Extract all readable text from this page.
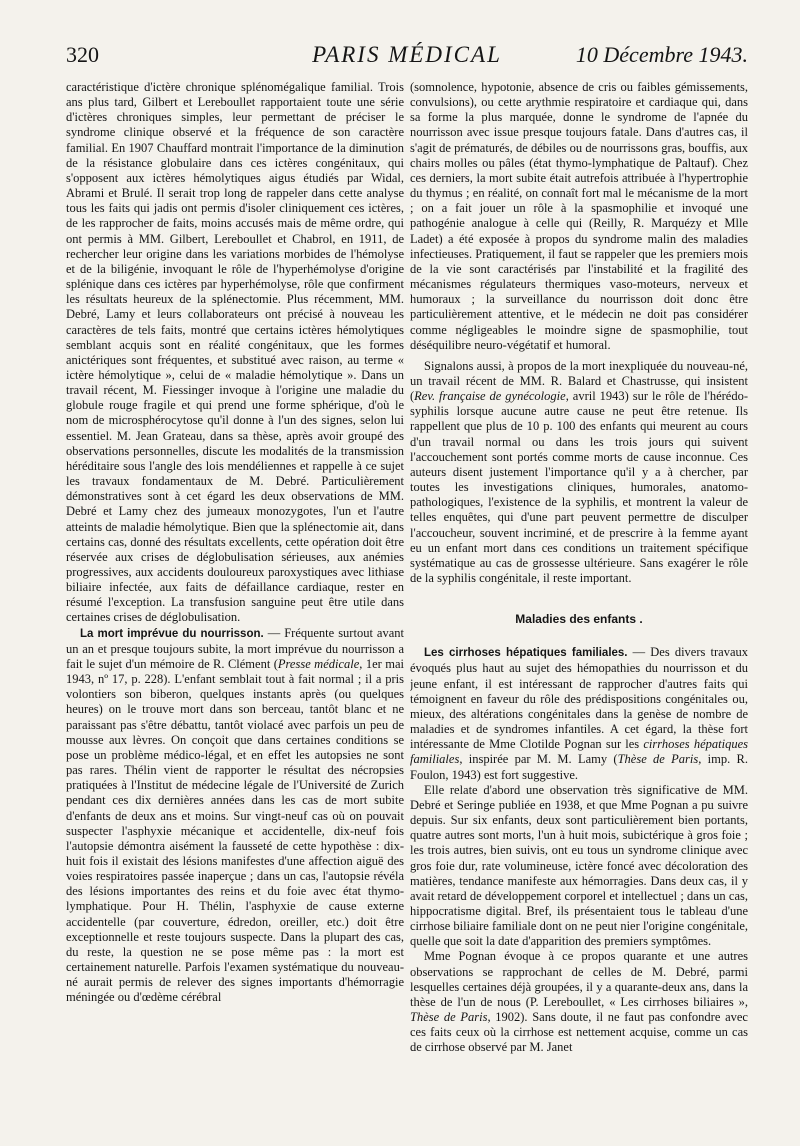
320	PARIS MÉDICAL	10 Décembre 1943.

caractéristique d'ictère chronique splénomégalique familial. Trois ans plus tard, Gilbert et Lereboullet rapportaient toute une série d'ictères chroniques simples, leur permettant de préciser le syndrome clinique observé et la fréquence de son caractère familial. En 1907 Chauffard montrait l'importance de la diminution de la résistance globulaire dans ces ictères congénitaux, qui s'opposent aux ictères hémolytiques aigus étudiés par Widal, Abrami et Brulé. Il serait trop long de rappeler dans cette analyse tous les faits qui jadis ont permis d'isoler cliniquement ces ictères, de les rapprocher de faits, moins accusés mais de même ordre, qui ont permis à MM. Gilbert, Lereboullet et Chabrol, en 1911, de rechercher leur origine dans les variations morbides de l'hémolyse et de la biligénie, invoquant le rôle de l'hyperhémolyse d'origine splénique dans ces ictères par hyperhémolyse, rôle que confirment les résultats heureux de la splénectomie. Plus récemment, MM. Debré, Lamy et leurs collaborateurs ont précisé à nouveau les caractères de tels faits, montré que certains ictères hémolytiques semblant acquis sont en réalité congénitaux, que les formes anictériques sont fréquentes, et substitué avec raison, au terme « ictère hémolytique », celui de « maladie hémolytique ». Dans un travail récent, M. Fiessinger invoque à l'origine une maladie du globule rouge fragile et qui prend une forme sphérique, d'où le nom de microsphérocytose qu'il donne à l'un des signes, selon lui essentiel. M. Jean Grateau, dans sa thèse, après avoir groupé des observations personnelles, discute les modalités de la transmission héréditaire sous l'angle des lois mendéliennes et rappelle à ce sujet les travaux fondamentaux de M. Debré. Particulièrement démonstratives sont à cet égard les deux observations de MM. Debré et Lamy chez des jumeaux monozygotes, l'un et l'autre atteints de maladie hémolytique. Bien que la splénectomie ait, dans certains cas, donné des résultats excellents, cette opération doit être réservée aux crises de déglobulisation sérieuses, aux anémies progressives, aux accidents douloureux paroxystiques avec lithiase biliaire infectée, aux faits de défaillance cardiaque, rester en résumé l'exception. La transfusion sanguine peut être utile dans certaines crises de déglobulisation.

La mort imprévue du nourrisson. — Fréquente surtout avant un an et presque toujours subite, la mort imprévue du nourrisson a fait le sujet d'un mémoire de R. Clément (Presse médicale, 1er mai 1943, nº 17, p. 228). L'enfant semblait tout à fait normal ; il a pris volontiers son biberon, quelques instants après (ou quelques heures) on le trouve mort dans son berceau, tantôt blanc et ne paraissant pas s'être débattu, tantôt violacé avec parfois un peu de mousse aux lèvres. On conçoit que dans certaines conditions se pose un problème médico-légal, et en effet les autopsies ne sont pas rares. Thélin vient de rapporter le résultat des nécropsies pratiquées à l'Institut de médecine légale de l'Université de Zurich pendant ces dix dernières années dans les cas de mort subite d'enfants de deux ans et moins. Sur vingt-neuf cas où on pouvait suspecter l'asphyxie mécanique et accidentelle, dix-neuf fois l'autopsie démontra aisément la fausseté de cette hypothèse : dix-huit fois il existait des lésions manifestes d'une affection aiguë des voies respiratoires passée inaperçue ; dans un cas, l'autopsie révéla des lésions importantes des reins et du foie avec état thymo-lymphatique. Pour H. Thélin, l'asphyxie de cause externe accidentelle (par couverture, édredon, oreiller, etc.) doit être exceptionnelle et reste toujours suspecte. Dans la plupart des cas, du reste, la question ne se pose même pas : la mort est certainement naturelle. Parfois l'examen systématique du nouveau-né aurait permis de relever des signes importants d'hémorragie méningée ou d'œdème cérébral

(somnolence, hypotonie, absence de cris ou faibles gémissements, convulsions), ou cette arythmie respiratoire et cardiaque qui, dans sa forme la plus marquée, donne le syndrome de l'apnée du nourrisson avec issue presque toujours fatale. Dans d'autres cas, il s'agit de prématurés, de débiles ou de nourrissons gras, bouffis, aux chairs molles ou pâles (état thymo-lymphatique de Paltauf). Chez ces derniers, la mort subite était autrefois attribuée à l'hypertrophie du thymus ; en réalité, on connaît fort mal le mécanisme de la mort ; on a fait jouer un rôle à la spasmophilie et invoqué une pathogénie analogue à celle qui (Reilly, R. Marquézy et Mlle Ladet) a été exposée à propos du syndrome malin des maladies infectieuses. Pratiquement, il faut se rappeler que les premiers mois de la vie sont caractérisés par l'instabilité et la fragilité des mécanismes régulateurs thermiques vaso-moteurs, nerveux et humoraux ; la surveillance du nourrisson doit donc être particulièrement attentive, et le médecin ne doit pas considérer comme négligeables le moindre signe de spasmophilie, tout déséquilibre neuro-végétatif et humoral.

Signalons aussi, à propos de la mort inexpliquée du nouveau-né, un travail récent de MM. R. Balard et Chastrusse, qui insistent (Rev. française de gynécologie, avril 1943) sur le rôle de l'hérédo-syphilis lorsque aucune autre cause ne peut être retenue. Ils rappellent que plus de 10 p. 100 des enfants qui meurent au cours d'un travail normal ou dans les trois jours qui suivent l'accouchement sont portés comme morts de cause inconnue. Ces auteurs disent justement l'importance qu'il y a à chercher, par toutes les investigations cliniques, humorales, anatomo-pathologiques, l'existence de la syphilis, et montrent la valeur de telles enquêtes, qui d'une part peuvent permettre de disculper l'accoucheur, souvent incriminé, et de prescrire à la femme ayant eu un enfant mort dans ces conditions un traitement spécifique systématique au cas de grossesse ultérieure. Sans exagérer le rôle de la syphilis congénitale, il reste important.

Maladies des enfants .

Les cirrhoses hépatiques familiales. — Des divers travaux évoqués plus haut au sujet des hémopathies du nourrisson et du jeune enfant, il est intéressant de rapprocher d'autres faits qui témoignent en faveur du rôle des prédispositions congénitales ou, mieux, des altérations congénitales dans la genèse de nombre de maladies et de syndromes infantiles. A cet égard, la thèse fort intéressante de Mme Clotilde Pognan sur les cirrhoses hépatiques familiales, inspirée par M. M. Lamy (Thèse de Paris, imp. R. Foulon, 1943) est fort suggestive.

Elle relate d'abord une observation très significative de MM. Debré et Seringe publiée en 1938, et que Mme Pognan a pu suivre depuis. Sur six enfants, deux sont particulièrement bien portants, quatre autres sont morts, l'un à huit mois, subictérique à gros foie ; les trois autres, bien suivis, ont eu tous un syndrome clinique avec gros foie dur, rate volumineuse, ictère foncé avec décoloration des matières, tendance manifeste aux hémorragies. Dans deux cas, il y avait retard de développement corporel et intellectuel ; dans un cas, hippocratisme digital. Bref, ils présentaient tous le tableau d'une cirrhose biliaire familiale dont on ne peut nier l'origine congénitale, quelle que soit la date d'apparition des premiers symptômes.

Mme Pognan évoque à ce propos quarante et une autres observations se rapprochant de celles de M. Debré, parmi lesquelles certaines déjà groupées, il y a quarante-deux ans, dans la thèse de l'un de nous (P. Lereboullet, « Les cirrhoses biliaires », Thèse de Paris, 1902). Sans doute, il ne faut pas confondre avec ces faits ceux où la cirrhose est nettement acquise, comme un cas de cirrhose observé par M. Janet
